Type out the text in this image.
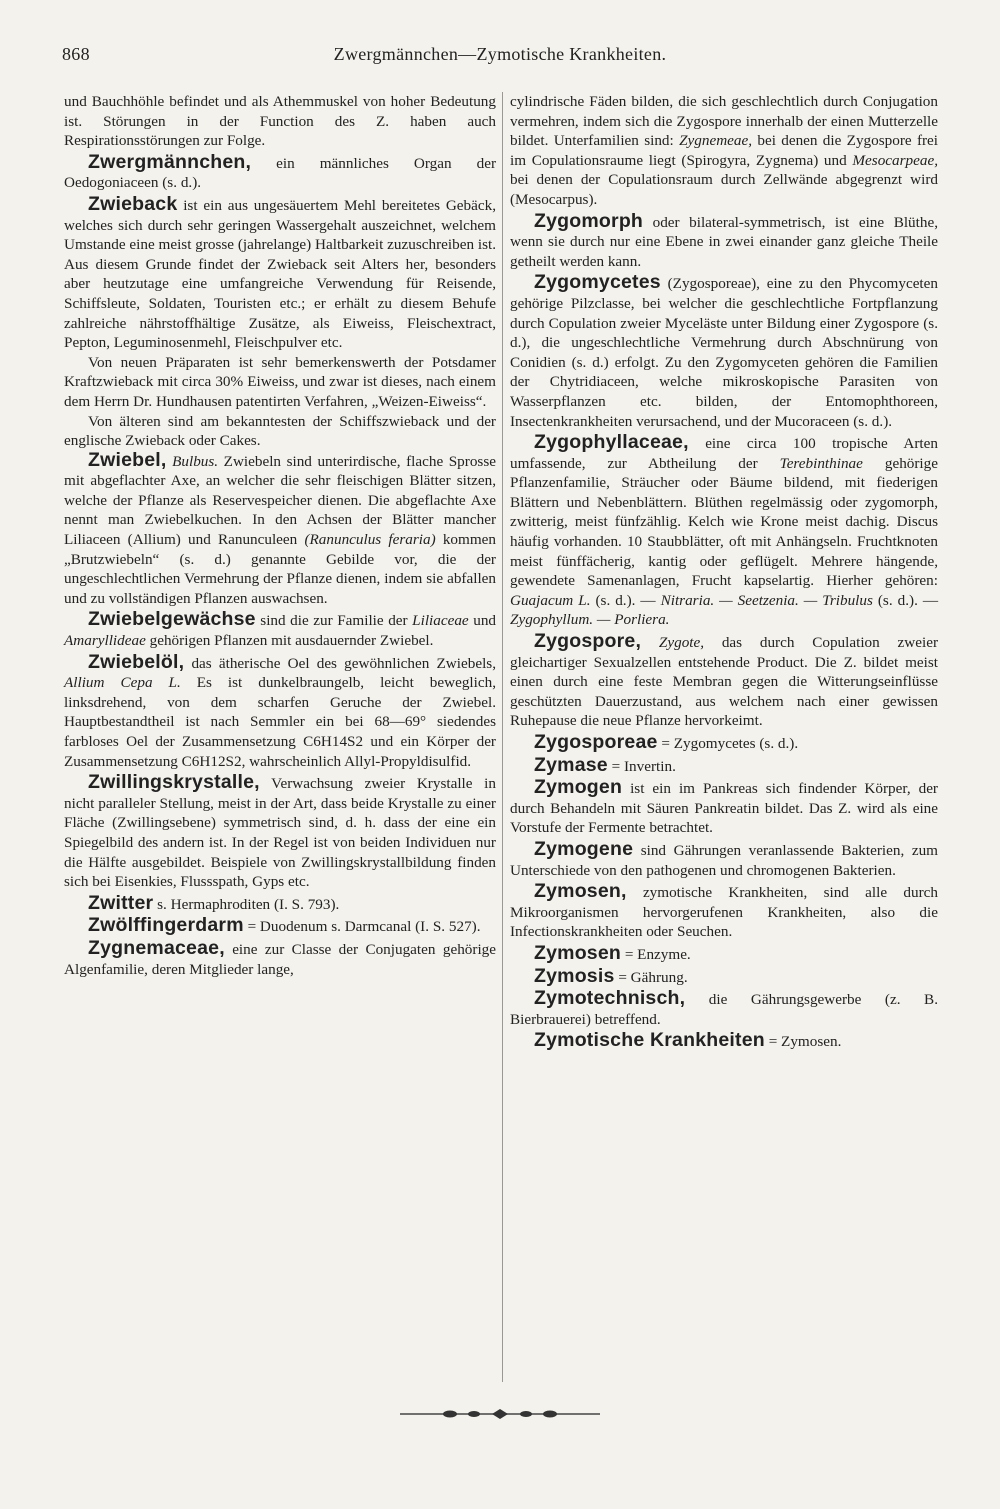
868	Zwergmännchen—Zymotische Krankheiten.

und Bauchhöhle befindet und als Athemmuskel von hoher Bedeutung ist. Störungen in der Function des Z. haben auch Respirationsstörungen zur Folge.

Zwergmännchen, ein männliches Organ der Oedogoniaceen (s. d.).

Zwieback ist ein aus ungesäuertem Mehl bereitetes Gebäck, welches sich durch sehr geringen Wassergehalt auszeichnet, welchem Umstande eine meist grosse (jahrelange) Haltbarkeit zuzuschreiben ist. Aus diesem Grunde findet der Zwieback seit Alters her, besonders aber heutzutage eine umfangreiche Verwendung für Reisende, Schiffsleute, Soldaten, Touristen etc.; er erhält zu diesem Behufe zahlreiche nährstoffhältige Zusätze, als Eiweiss, Fleischextract, Pepton, Leguminosenmehl, Fleischpulver etc.

Von neuen Präparaten ist sehr bemerkenswerth der Potsdamer Kraftzwieback mit circa 30% Eiweiss, und zwar ist dieses, nach einem dem Herrn Dr. Hundhausen patentirten Verfahren, „Weizen-Eiweiss“.

Von älteren sind am bekanntesten der Schiffszwieback und der englische Zwieback oder Cakes.

Zwiebel, Bulbus. Zwiebeln sind unterirdische, flache Sprosse mit abgeflachter Axe, an welcher die sehr fleischigen Blätter sitzen, welche der Pflanze als Reservespeicher dienen. Die abgeflachte Axe nennt man Zwiebelkuchen. In den Achsen der Blätter mancher Liliaceen (Allium) und Ranunculeen (Ranunculus feraria) kommen „Brutzwiebeln“ (s. d.) genannte Gebilde vor, die der ungeschlechtlichen Vermehrung der Pflanze dienen, indem sie abfallen und zu vollständigen Pflanzen auswachsen.

Zwiebelgewächse sind die zur Familie der Liliaceae und Amaryllideae gehörigen Pflanzen mit ausdauernder Zwiebel.

Zwiebelöl, das ätherische Oel des gewöhnlichen Zwiebels, Allium Cepa L. Es ist dunkelbraungelb, leicht beweglich, linksdrehend, von dem scharfen Geruche der Zwiebel. Hauptbestandtheil ist nach Semmler ein bei 68—69° siedendes farbloses Oel der Zusammensetzung C6H14S2 und ein Körper der Zusammensetzung C6H12S2, wahrscheinlich Allyl-Propyldisulfid.

Zwillingskrystalle, Verwachsung zweier Krystalle in nicht paralleler Stellung, meist in der Art, dass beide Krystalle zu einer Fläche (Zwillingsebene) symmetrisch sind, d. h. dass der eine ein Spiegelbild des andern ist. In der Regel ist von beiden Individuen nur die Hälfte ausgebildet. Beispiele von Zwillingskrystallbildung finden sich bei Eisenkies, Flussspath, Gyps etc.

Zwitter s. Hermaphroditen (I. S. 793).

Zwölffingerdarm = Duodenum s. Darmcanal (I. S. 527).

Zygnemaceae, eine zur Classe der Conjugaten gehörige Algenfamilie, deren Mitglieder lange,

cylindrische Fäden bilden, die sich geschlechtlich durch Conjugation vermehren, indem sich die Zygospore innerhalb der einen Mutterzelle bildet. Unterfamilien sind: Zygnemeae, bei denen die Zygospore frei im Copulationsraume liegt (Spirogyra, Zygnema) und Mesocarpeae, bei denen der Copulationsraum durch Zellwände abgegrenzt wird (Mesocarpus).

Zygomorph oder bilateral-symmetrisch, ist eine Blüthe, wenn sie durch nur eine Ebene in zwei einander ganz gleiche Theile getheilt werden kann.

Zygomycetes (Zygosporeae), eine zu den Phycomyceten gehörige Pilzclasse, bei welcher die geschlechtliche Fortpflanzung durch Copulation zweier Myceläste unter Bildung einer Zygospore (s. d.), die ungeschlechtliche Vermehrung durch Abschnürung von Conidien (s. d.) erfolgt. Zu den Zygomyceten gehören die Familien der Chytridiaceen, welche mikroskopische Parasiten von Wasserpflanzen etc. bilden, der Entomophthoreen, Insectenkrankheiten verursachend, und der Mucoraceen (s. d.).

Zygophyllaceae, eine circa 100 tropische Arten umfassende, zur Abtheilung der Terebinthinae gehörige Pflanzenfamilie, Sträucher oder Bäume bildend, mit fiederigen Blättern und Nebenblättern. Blüthen regelmässig oder zygomorph, zwitterig, meist fünfzählig. Kelch wie Krone meist dachig. Discus häufig vorhanden. 10 Staubblätter, oft mit Anhängseln. Fruchtknoten meist fünffächerig, kantig oder geflügelt. Mehrere hängende, gewendete Samenanlagen, Frucht kapselartig. Hierher gehören: Guajacum L. (s. d.). — Nitraria. — Seetzenia. — Tribulus (s. d.). — Zygophyllum. — Porliera.

Zygospore, Zygote, das durch Copulation zweier gleichartiger Sexualzellen entstehende Product. Die Z. bildet meist einen durch eine feste Membran gegen die Witterungseinflüsse geschützten Dauerzustand, aus welchem nach einer gewissen Ruhepause die neue Pflanze hervorkeimt.

Zygosporeae = Zygomycetes (s. d.).

Zymase = Invertin.

Zymogen ist ein im Pankreas sich findender Körper, der durch Behandeln mit Säuren Pankreatin bildet. Das Z. wird als eine Vorstufe der Fermente betrachtet.

Zymogene sind Gährungen veranlassende Bakterien, zum Unterschiede von den pathogenen und chromogenen Bakterien.

Zymosen, zymotische Krankheiten, sind alle durch Mikroorganismen hervorgerufenen Krankheiten, also die Infectionskrankheiten oder Seuchen.

Zymosen = Enzyme.

Zymosis = Gährung.

Zymotechnisch, die Gährungsgewerbe (z. B. Bierbrauerei) betreffend.

Zymotische Krankheiten = Zymosen.
